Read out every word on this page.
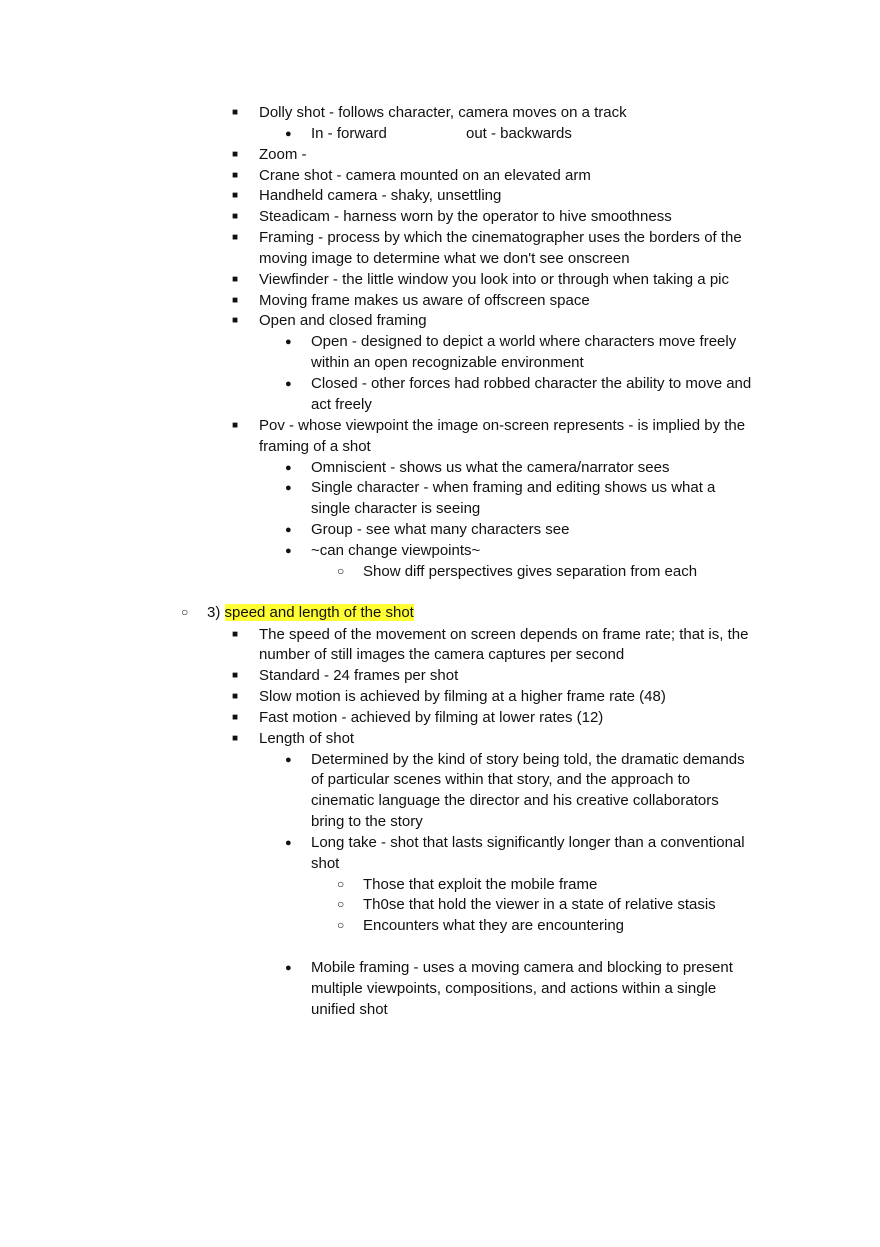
■
Dolly shot - follows character, camera moves on a track
●
In - forward	out - backwards
■
Zoom -
■
Crane shot - camera mounted on an elevated arm
■
Handheld camera - shaky, unsettling
■
Steadicam - harness worn by the operator to hive smoothness
■
Framing - process by which the cinematographer uses the borders of the
moving image to determine what we don't see onscreen
■
Viewfinder - the little window you look into or through when taking a pic
■
Moving frame makes us aware of offscreen space
■
Open and closed framing
●
Open - designed to depict a world where characters move freely
within an open recognizable environment
●
Closed - other forces had robbed character the ability to move and
act freely
■
Pov - whose viewpoint the image on-screen represents - is implied by the
framing of a shot
●
Omniscient - shows us what the camera/narrator sees
●
Single character - when framing and editing shows us what a
single character is seeing
●
Group - see what many characters see
●
~can change viewpoints~
○
Show diff perspectives gives separation from each
○
3) speed and length of the shot
■
The speed of the movement on screen depends on frame rate; that is, the
number of still images the camera captures per second
■
Standard - 24 frames per shot
■
Slow motion is achieved by filming at a higher frame rate (48)
■
Fast motion - achieved by filming at lower rates (12)
■
Length of shot
●
Determined by the kind of story being told, the dramatic demands
of particular scenes within that story, and the approach to
cinematic language the director and his creative collaborators
bring to the story
●
Long take - shot that lasts significantly longer than a conventional
shot
○
Those that exploit the mobile frame
○
Th0se that hold the viewer in a state of relative stasis
○
Encounters what they are encountering
●
Mobile framing - uses a moving camera and blocking to present
multiple viewpoints, compositions, and actions within a single
unified shot
